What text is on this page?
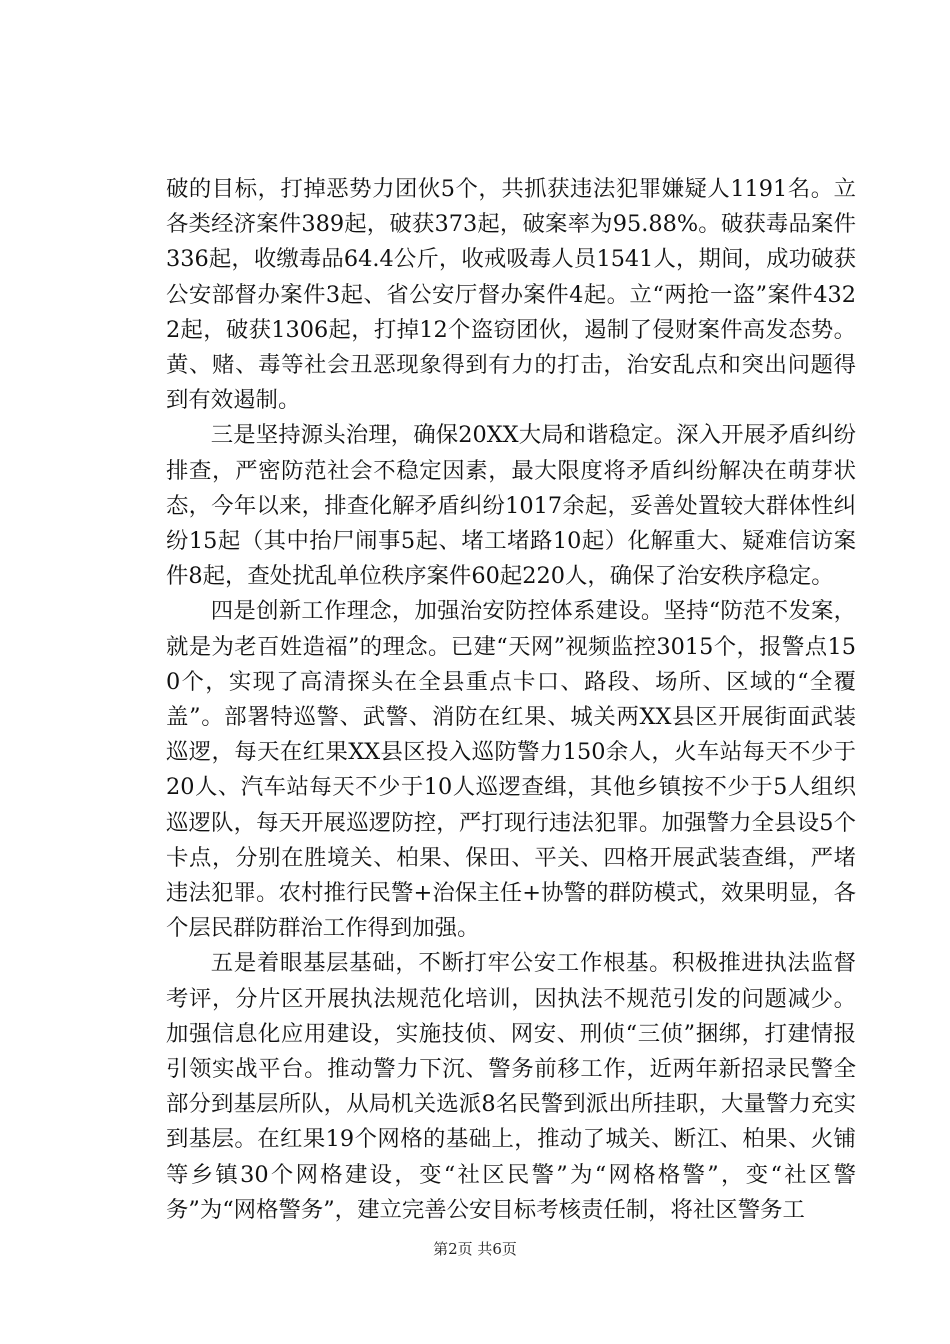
破的目标，打掉恶势力团伙5个，共抓获违法犯罪嫌疑人1191名。立各类经济案件389起，破获373起，破案率为95.88%。破获毒品案件336起，收缴毒品64.4公斤，收戒吸毒人员1541人，期间，成功破获公安部督办案件3起、省公安厅督办案件4起。立“两抢一盗”案件4322起，破获1306起，打掉12个盗窃团伙，遏制了侵财案件高发态势。黄、赌、毒等社会丑恶现象得到有力的打击，治安乱点和突出问题得到有效遏制。

三是坚持源头治理，确保20XX大局和谐稳定。深入开展矛盾纠纷排查，严密防范社会不稳定因素，最大限度将矛盾纠纷解决在萌芽状态，今年以来，排查化解矛盾纠纷1017余起，妥善处置较大群体性纠纷15起（其中抬尸闹事5起、堵工堵路10起）化解重大、疑难信访案件8起，查处扰乱单位秩序案件60起220人，确保了治安秩序稳定。

四是创新工作理念，加强治安防控体系建设。坚持“防范不发案，就是为老百姓造福”的理念。已建“天网”视频监控3015个，报警点150个，实现了高清探头在全县重点卡口、路段、场所、区域的“全覆盖”。部署特巡警、武警、消防在红果、城关两XX县区开展街面武装巡逻，每天在红果XX县区投入巡防警力150余人，火车站每天不少于20人、汽车站每天不少于10人巡逻查缉，其他乡镇按不少于5人组织巡逻队，每天开展巡逻防控，严打现行违法犯罪。加强警力全县设5个卡点，分别在胜境关、柏果、保田、平关、四格开展武装查缉，严堵违法犯罪。农村推行民警+治保主任+协警的群防模式，效果明显，各个层民群防群治工作得到加强。

五是着眼基层基础，不断打牢公安工作根基。积极推进执法监督考评，分片区开展执法规范化培训，因执法不规范引发的问题减少。加强信息化应用建设，实施技侦、网安、刑侦“三侦”捆绑，打建情报引领实战平台。推动警力下沉、警务前移工作，近两年新招录民警全部分到基层所队，从局机关选派8名民警到派出所挂职，大量警力充实到基层。在红果19个网格的基础上，推动了城关、断江、柏果、火铺等乡镇30个网格建设，变“社区民警”为“网格格警”，变“社区警务”为“网格警务”，建立完善公安目标考核责任制，将社区警务工

第2页 共6页
